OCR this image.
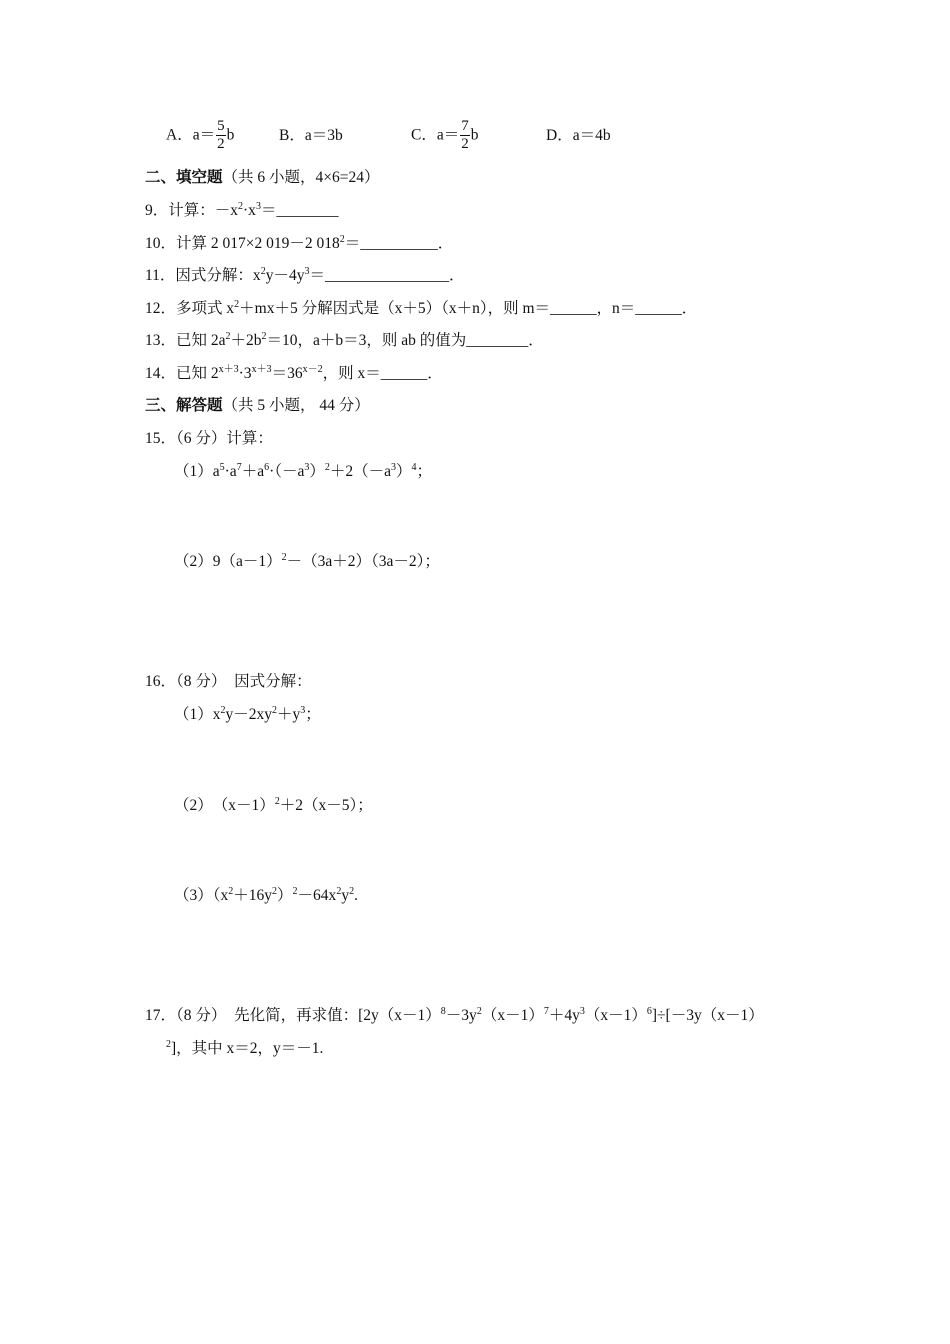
A．$a= \frac{5}{2}$ b	B．a＝3b	C．$a= \frac{7}{2}$ b	D．a＝4b
二、填空题（共 6 小题，4×6=24）
9．计算：$-x^2\cdot x^3=\_\_\_\_\_\_\_\_$
10．计算 2 017×2 019－2 $018^2=\_\_\_\_\_\_\_\_\_\_$．
11．因式分解：$x^2y-4y^3=\_\_\_\_\_\_\_\_\_\_\_\_\_\_\_\_$．
12．多项式 $x^2+mx+5$ 分解因式是（x＋5）（x＋n），则 m＝______，n＝______．
13．已知 $2a^2+2b^2=10$，a＋b＝3，则 ab 的值为________．
14．已知 $2^{x+3}\cdot 3^{x+3}=36^{x-2}$，则 x＝______．
三、解答题（共 5 小题， 44 分）
15．（6 分）计算：
$(1)a^5\cdot a^7+a^6\cdot(-a^3)^2+2(-a^3)^4$；
$(2)9(a-1)^2-(3a+2)(3a-2)$；
16．（8 分）　因式分解：
$(1)x^2y-2xy^2+y^3$；
（2）　$(x-1)^2+2(x-5)$；
$(3)(x^2+16y^2)^2-64x^2y^2$.
17．（8 分）　先化简，再求值：$[2y(x-1)^8-3y^2(x-1)^7+4y^3(x-1)^6]\div[-3y(x-1)$
$^2$]，其中 x＝2，y＝－1.
